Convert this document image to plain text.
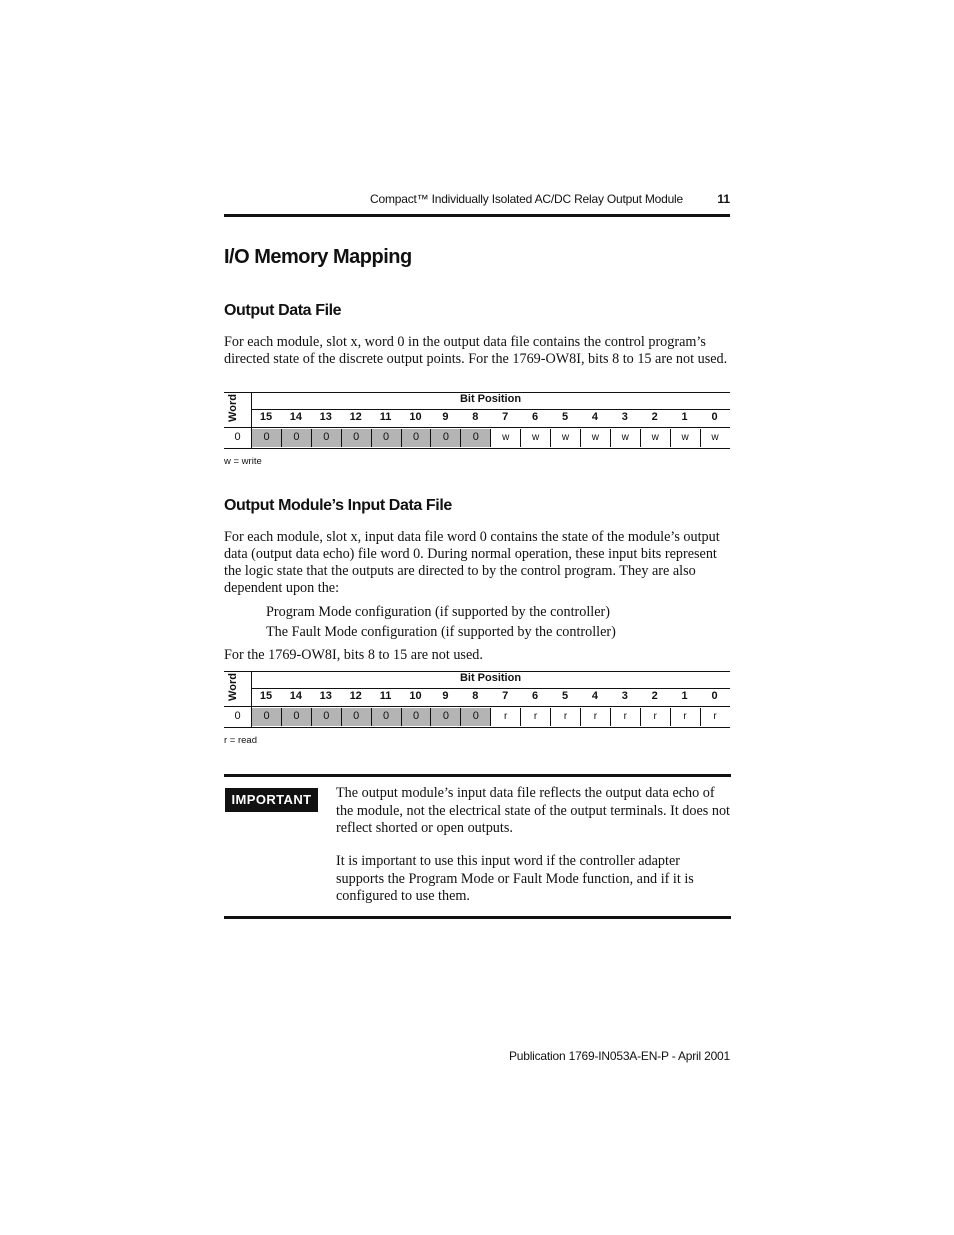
Compact™ Individually Isolated AC/DC Relay Output Module	11
I/O Memory Mapping
Output Data File

For each module, slot x, word 0 in the output data file contains the control program’s directed state of the discrete output points. For the 1769-OW8I, bits 8 to 15 are not used.

Bit Position
Word
0
15	14	13	12	11	10	9	8	7	6	5	4	3	2	1	0
0	0	0	0	0	0	0	0	w	w	w	w	w	w	w	w
w = write
Output Module’s Input Data File

For each module, slot x, input data file word 0 contains the state of the module’s output data (output data echo) file word 0. During normal operation, these input bits represent the logic state that the outputs are directed to by the control program. They are also dependent upon the:

Program Mode configuration (if supported by the controller)

The Fault Mode configuration (if supported by the controller)

For the 1769-OW8I, bits 8 to 15 are not used.

Bit Position
Word
0
15	14	13	12	11	10	9	8	7	6	5	4	3	2	1	0
0	0	0	0	0	0	0	0	r	r	r	r	r	r	r	r
r = read
IMPORTANT	The output module’s input data file reflects the output data echo of the module, not the electrical state of the output terminals. It does not reflect shorted or open outputs.

It is important to use this input word if the controller adapter supports the Program Mode or Fault Mode function, and if it is configured to use them.

Publication 1769-IN053A-EN-P - April 2001
